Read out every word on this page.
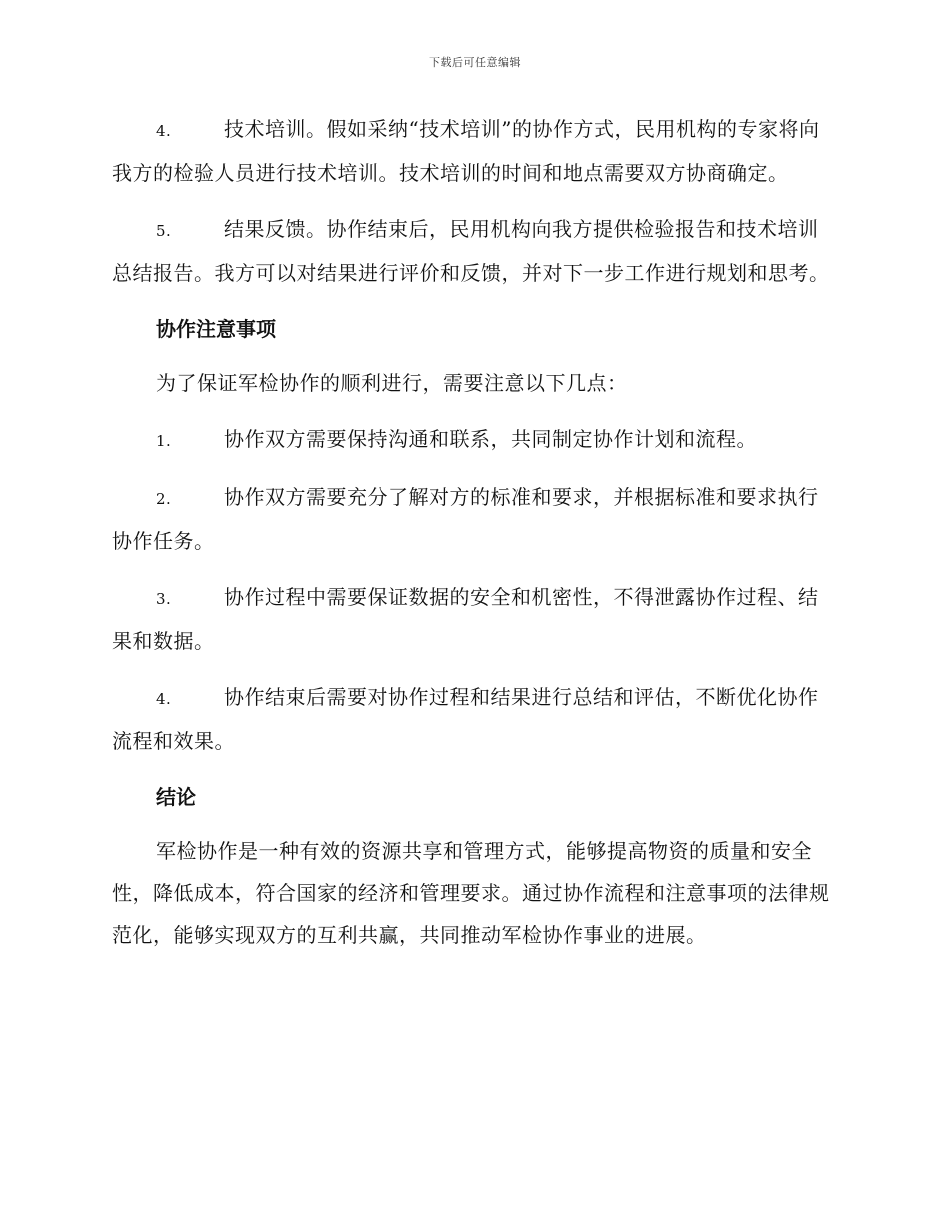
下载后可任意编辑

4.	技术培训。假如采纳“技术培训”的协作方式，民用机构的专家将向我方的检验人员进行技术培训。技术培训的时间和地点需要双方协商确定。

5.	结果反馈。协作结束后，民用机构向我方提供检验报告和技术培训总结报告。我方可以对结果进行评价和反馈，并对下一步工作进行规划和思考。

协作注意事项

为了保证军检协作的顺利进行，需要注意以下几点：

1.	协作双方需要保持沟通和联系，共同制定协作计划和流程。

2.	协作双方需要充分了解对方的标准和要求，并根据标准和要求执行协作任务。

3.	协作过程中需要保证数据的安全和机密性，不得泄露协作过程、结果和数据。

4.	协作结束后需要对协作过程和结果进行总结和评估，不断优化协作流程和效果。

结论

军检协作是一种有效的资源共享和管理方式，能够提高物资的质量和安全性，降低成本，符合国家的经济和管理要求。通过协作流程和注意事项的法律规范化，能够实现双方的互利共赢，共同推动军检协作事业的进展。
